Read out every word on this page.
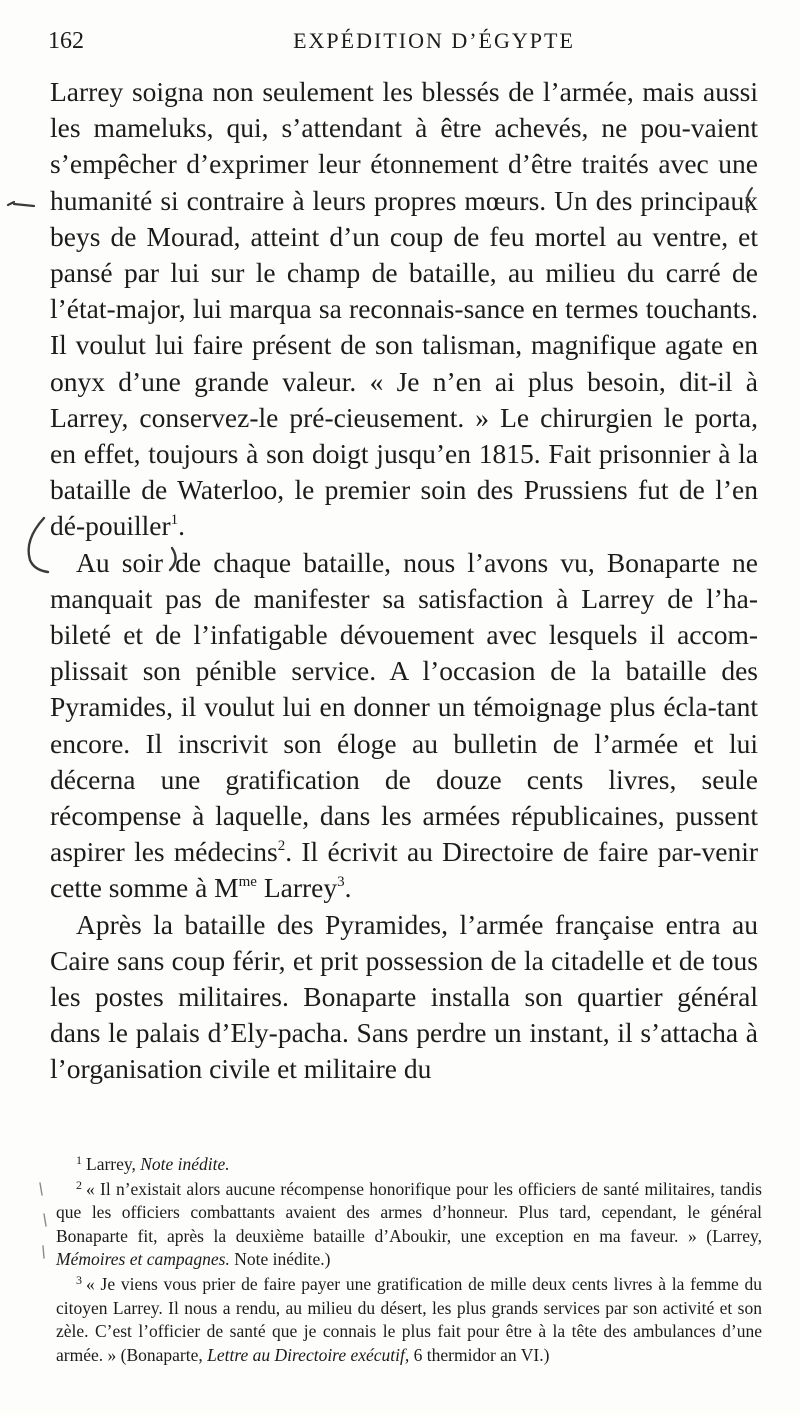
162	EXPÉDITION D’ÉGYPTE

Larrey soigna non seulement les blessés de l’armée, mais aussi les mameluks, qui, s’attendant à être achevés, ne pou-vaient s’empêcher d’exprimer leur étonnement d’être traités avec une humanité si contraire à leurs propres mœurs. Un des principaux beys de Mourad, atteint d’un coup de feu mortel au ventre, et pansé par lui sur le champ de bataille, au milieu du carré de l’état-major, lui marqua sa reconnais-sance en termes touchants. Il voulut lui faire présent de son talisman, magnifique agate en onyx d’une grande valeur. « Je n’en ai plus besoin, dit-il à Larrey, conservez-le pré-cieusement. » Le chirurgien le porta, en effet, toujours à son doigt jusqu’en 1815. Fait prisonnier à la bataille de Waterloo, le premier soin des Prussiens fut de l’en dé-pouiller$^1$.

Au soir de chaque bataille, nous l’avons vu, Bonaparte ne manquait pas de manifester sa satisfaction à Larrey de l’ha-bileté et de l’infatigable dévouement avec lesquels il accom-plissait son pénible service. A l’occasion de la bataille des Pyramides, il voulut lui en donner un témoignage plus écla-tant encore. Il inscrivit son éloge au bulletin de l’armée et lui décerna une gratification de douze cents livres, seule récompense à laquelle, dans les armées républicaines, pussent aspirer les médecins$^2$. Il écrivit au Directoire de faire par-venir cette somme à $M^{me}$ Larrey$^3$.

Après la bataille des Pyramides, l’armée française entra au Caire sans coup férir, et prit possession de la citadelle et de tous les postes militaires. Bonaparte installa son quartier général dans le palais d’Ely-pacha. Sans perdre un instant, il s’attacha à l’organisation civile et militaire du

$^1$ Larrey, Note inédite.

$^2$ « Il n’existait alors aucune récompense honorifique pour les officiers de santé militaires, tandis que les officiers combattants avaient des armes d’honneur. Plus tard, cependant, le général Bonaparte fit, après la deuxième bataille d’Aboukir, une exception en ma faveur. » (Larrey, Mémoires et campagnes. Note inédite.)

$^3$ « Je viens vous prier de faire payer une gratification de mille deux cents livres à la femme du citoyen Larrey. Il nous a rendu, au milieu du désert, les plus grands services par son activité et son zèle. C’est l’officier de santé que je connais le plus fait pour être à la tête des ambulances d’une armée. » (Bonaparte, Lettre au Directoire exécutif, 6 thermidor an VI.)
